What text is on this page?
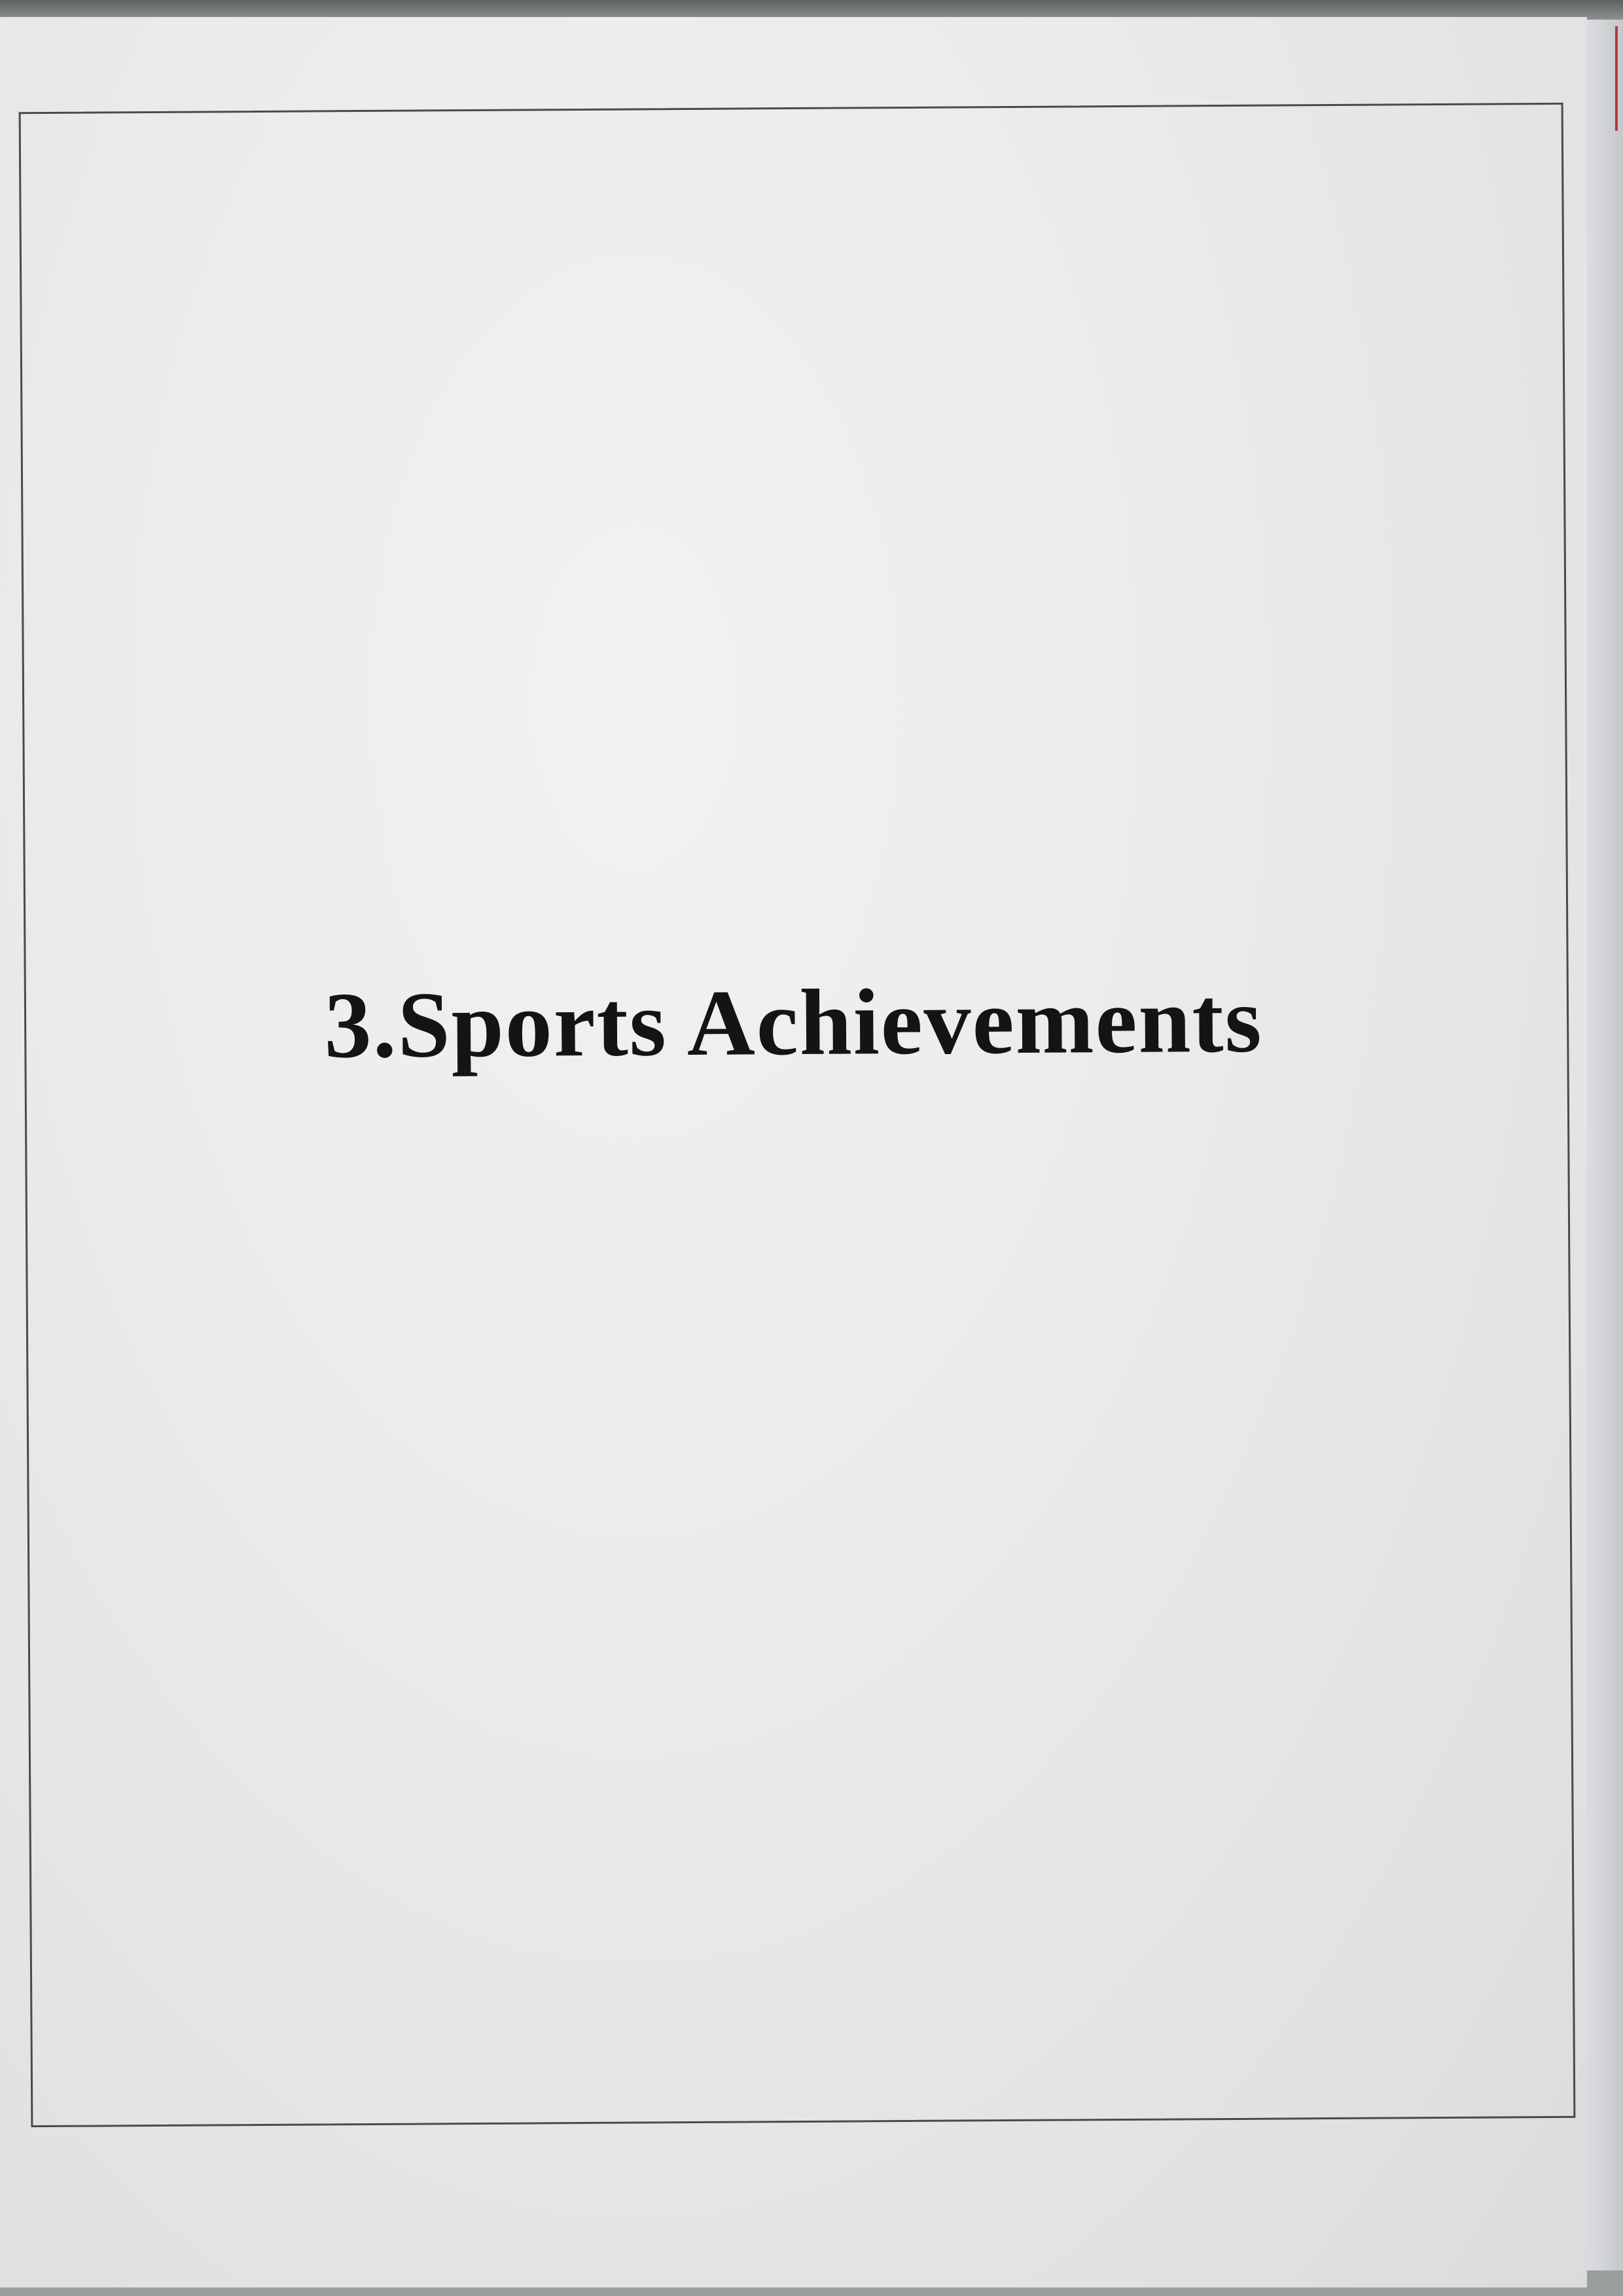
3.Sports Achievements
